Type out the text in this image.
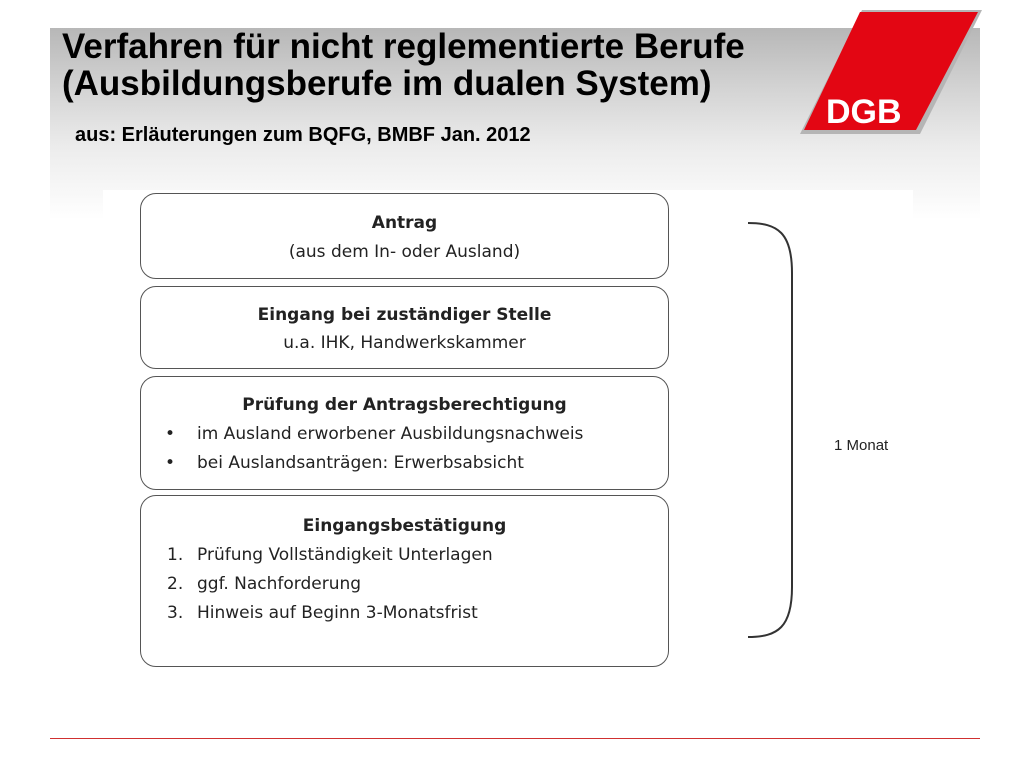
DGB
Verfahren für nicht reglementierte Berufe
(Ausbildungsberufe im dualen System)

aus: Erläuterungen zum BQFG, BMBF Jan. 2012

Antrag
(aus dem In- oder Ausland)
Eingang bei zuständiger Stelle
u.a. IHK, Handwerkskammer
Prüfung der Antragsberechtigung
•	im Ausland erworbener Ausbildungsnachweis
•	bei Auslandsanträgen: Erwerbsabsicht
Eingangsbestätigung
1. Prüfung Vollständigkeit Unterlagen
2. ggf. Nachforderung
3. Hinweis auf Beginn 3-Monatsfrist
1 Monat
